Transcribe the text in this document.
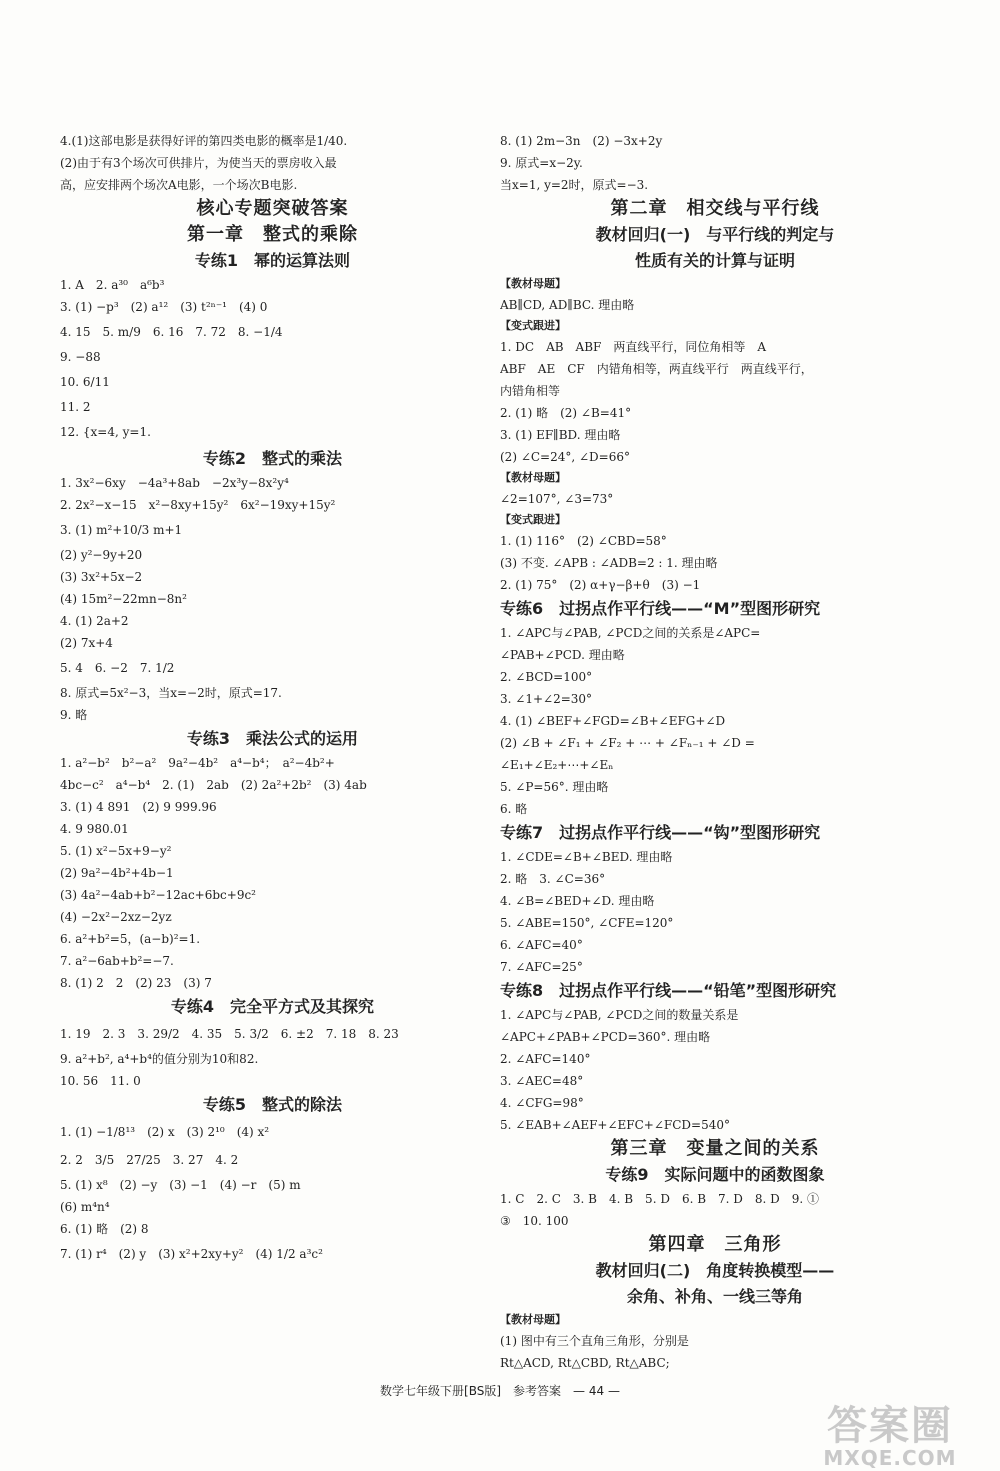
4.(1)这部电影是获得好评的第四类电影的概率是1/40.
(2)由于有3个场次可供排片，为使当天的票房收入最
高，应安排两个场次A电影，一个场次B电影.
核心专题突破答案
第一章　整式的乘除
专练1　幂的运算法则
1. A　2. a³⁰　a⁶b³
3. (1) −p³　(2) a¹²　(3) t²ⁿ⁻¹　(4) 0
4. 15　5. m/9　6. 16　7. 72　8. −1/4
9. −88
10. 6/11
11. 2
12. {x=4, y=1.
专练2　整式的乘法
1. 3x²−6xy　−4a³+8ab　−2x³y−8x²y⁴
2. 2x²−x−15　x²−8xy+15y²　6x²−19xy+15y²
3. (1) m²+10/3 m+1
(2) y²−9y+20
(3) 3x²+5x−2
(4) 15m²−22mn−8n²
4. (1) 2a+2
(2) 7x+4
5. 4　6. −2　7. 1/2
8. 原式=5x²−3，当x=−2时，原式=17.
9. 略
专练3　乘法公式的运用
1. a²−b²　b²−a²　9a²−4b²　a⁴−b⁴；　a²−4b²+
4bc−c²　a⁴−b⁴　2. (1)　2ab　(2) 2a²+2b²　(3) 4ab
3. (1) 4 891　(2) 9 999.96
4. 9 980.01
5. (1) x²−5x+9−y²
(2) 9a²−4b²+4b−1
(3) 4a²−4ab+b²−12ac+6bc+9c²
(4) −2x²−2xz−2yz
6. a²+b²=5，(a−b)²=1.
7. a²−6ab+b²=−7.
8. (1) 2　2　(2) 23　(3) 7
专练4　完全平方式及其探究
1. 19　2. 3　3. 29/2　4. 35　5. 3/2　6. ±2　7. 18　8. 23
9. a²+b², a⁴+b⁴的值分别为10和82.
10. 56　11. 0
专练5　整式的除法
1. (1) −1/8¹³　(2) x　(3) 2¹⁰　(4) x²
2. 2　3/5　27/25　3. 27　4. 2
5. (1) x⁸　(2) −y　(3) −1　(4) −r　(5) m
(6) m⁴n⁴
6. (1) 略　(2) 8
7. (1) r⁴　(2) y　(3) x²+2xy+y²　(4) 1/2 a³c²
8. (1) 2m−3n　(2) −3x+2y
9. 原式=x−2y.
当x=1, y=2时，原式=−3.
第二章　相交线与平行线
教材回归(一)　与平行线的判定与
性质有关的计算与证明
【教材母题】
AB∥CD, AD∥BC. 理由略
【变式跟进】
1. DC　AB　ABF　两直线平行，同位角相等　A
ABF　AE　CF　内错角相等，两直线平行　两直线平行，
内错角相等
2. (1) 略　(2) ∠B=41°
3. (1) EF∥BD. 理由略
(2) ∠C=24°, ∠D=66°
【教材母题】
∠2=107°, ∠3=73°
【变式跟进】
1. (1) 116°　(2) ∠CBD=58°
(3) 不变. ∠APB : ∠ADB=2 : 1. 理由略
2. (1) 75°　(2) α+γ−β+θ　(3) −1
专练6　过拐点作平行线——“M”型图形研究
1. ∠APC与∠PAB, ∠PCD之间的关系是∠APC=
∠PAB+∠PCD. 理由略
2. ∠BCD=100°
3. ∠1+∠2=30°
4. (1) ∠BEF+∠FGD=∠B+∠EFG+∠D
(2) ∠B + ∠F₁ + ∠F₂ + ⋯ + ∠Fₙ₋₁ + ∠D =
∠E₁+∠E₂+⋯+∠Eₙ
5. ∠P=56°. 理由略
6. 略
专练7　过拐点作平行线——“钩”型图形研究
1. ∠CDE=∠B+∠BED. 理由略
2. 略　3. ∠C=36°
4. ∠B=∠BED+∠D. 理由略
5. ∠ABE=150°, ∠CFE=120°
6. ∠AFC=40°
7. ∠AFC=25°
专练8　过拐点作平行线——“铅笔”型图形研究
1. ∠APC与∠PAB, ∠PCD之间的数量关系是
∠APC+∠PAB+∠PCD=360°. 理由略
2. ∠AFC=140°
3. ∠AEC=48°
4. ∠CFG=98°
5. ∠EAB+∠AEF+∠EFC+∠FCD=540°
第三章　变量之间的关系
专练9　实际问题中的函数图象
1. C　2. C　3. B　4. B　5. D　6. B　7. D　8. D　9. ①
③　10. 100
第四章　三角形
教材回归(二)　角度转换模型——
余角、补角、一线三等角
【教材母题】
(1) 图中有三个直角三角形，分别是
Rt△ACD, Rt△CBD, Rt△ABC;
数学七年级下册[BS版]　参考答案　— 44 —
答案圈
MXQE.COM
